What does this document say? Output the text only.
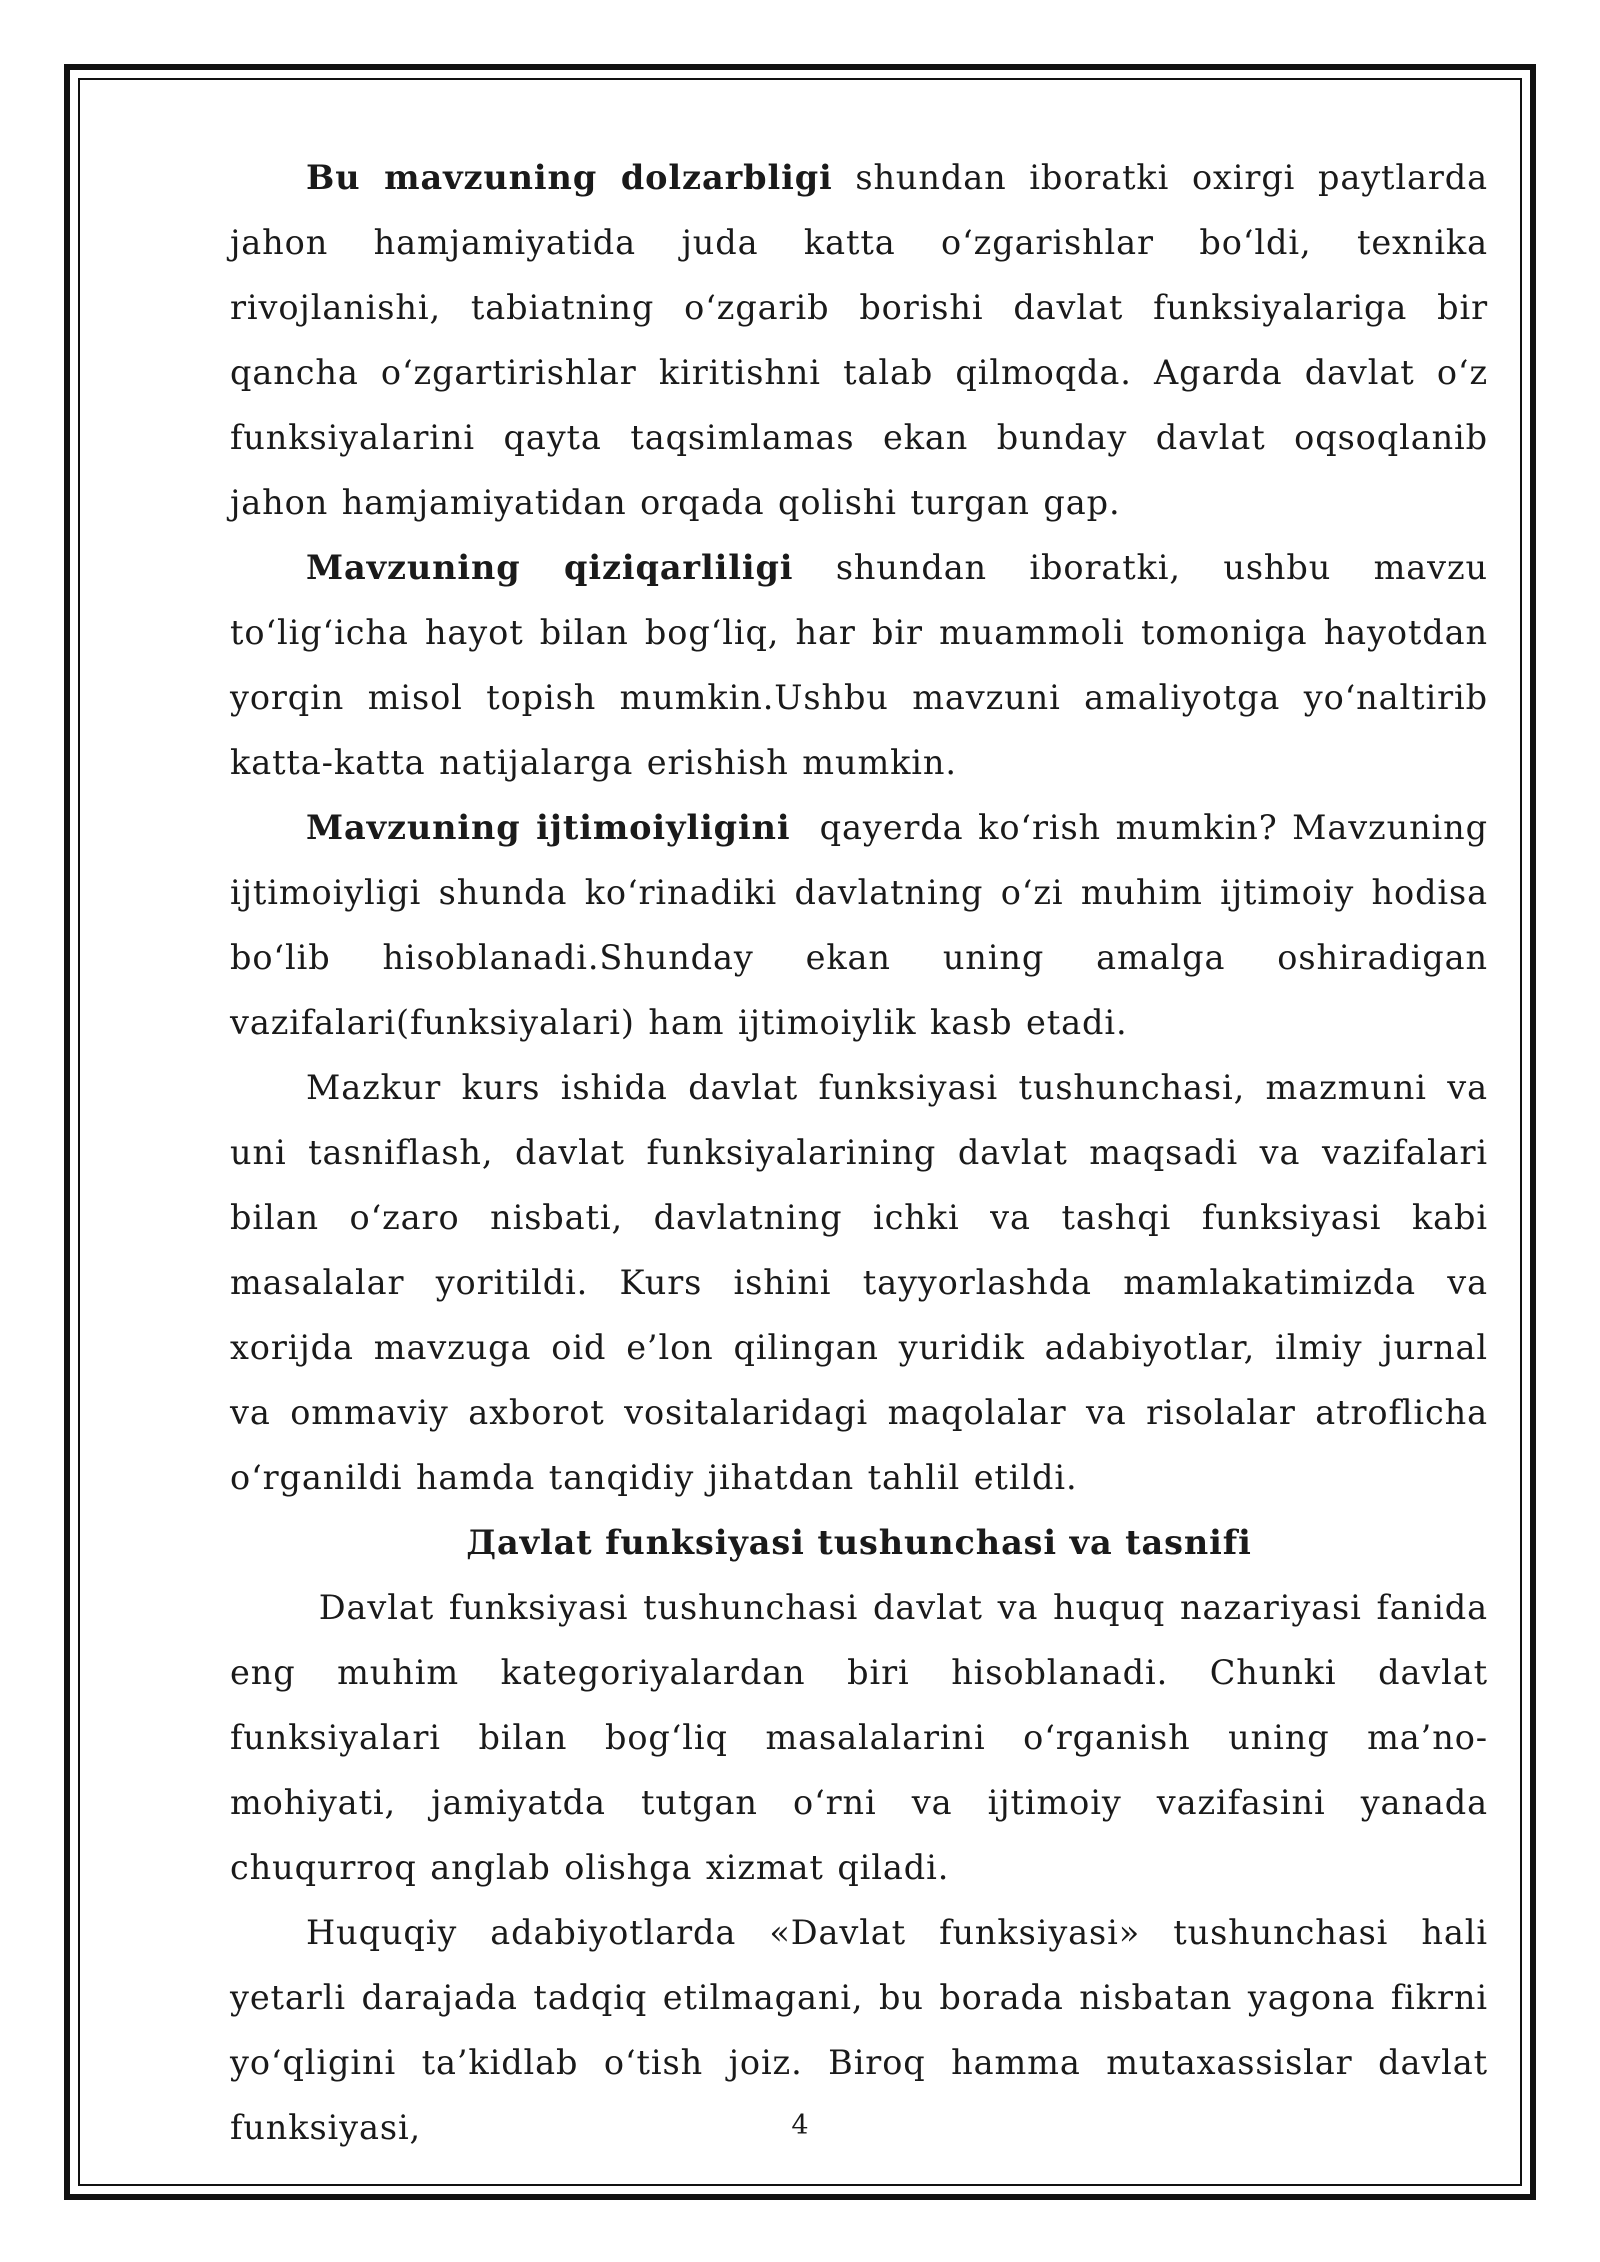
Bu mavzuning dolzarbligi shundan iboratki oxirgi paytlarda jahon hamjamiyatida juda katta o‘zgarishlar bo‘ldi, texnika rivojlanishi, tabiatning o‘zgarib borishi davlat funksiyalariga bir qancha o‘zgartirishlar kiritishni talab qilmoqda. Agarda davlat o‘z funksiyalarini qayta taqsimlamas ekan bunday davlat oqsoqlanib jahon hamjamiyatidan orqada qolishi turgan gap.

Mavzuning qiziqarliligi shundan iboratki, ushbu mavzu to‘lig‘icha hayot bilan bog‘liq, har bir muammoli tomoniga hayotdan yorqin misol topish mumkin.Ushbu mavzuni amaliyotga yo‘naltirib katta-katta natijalarga erishish mumkin.

Mavzuning ijtimoiyligini  qayerda ko‘rish mumkin? Mavzuning ijtimoiyligi shunda ko‘rinadiki davlatning o‘zi muhim ijtimoiy hodisa bo‘lib hisoblanadi.Shunday ekan uning amalga oshiradigan vazifalari(funksiyalari) ham ijtimoiylik kasb etadi.

Mazkur kurs ishida davlat funksiyasi tushunchasi, mazmuni va uni tasniflash, davlat funksiyalarining davlat maqsadi va vazifalari bilan o‘zaro nisbati, davlatning ichki va tashqi funksiyasi kabi masalalar yoritildi. Kurs ishini tayyorlashda mamlakatimizda va xorijda mavzuga oid e’lon qilingan yuridik adabiyotlar, ilmiy jurnal va ommaviy axborot vositalaridagi maqolalar va risolalar atroflicha o‘rganildi hamda tanqidiy jihatdan tahlil etildi.

Дavlat funksiyasi tushunchasi va tasnifi

Davlat funksiyasi tushunchasi davlat va huquq nazariyasi fanida eng muhim kategoriyalardan biri hisoblanadi. Chunki davlat funksiyalari bilan bog‘liq masalalarini o‘rganish uning ma’no-mohiyati, jamiyatda tutgan o‘rni va ijtimoiy vazifasini yanada chuqurroq anglab olishga xizmat qiladi.

Huquqiy adabiyotlarda «Davlat funksiyasi» tushunchasi hali yetarli darajada tadqiq etilmagani, bu borada nisbatan yagona fikrni yo‘qligini ta’kidlab o‘tish joiz. Biroq hamma mutaxassislar davlat funksiyasi,	4
